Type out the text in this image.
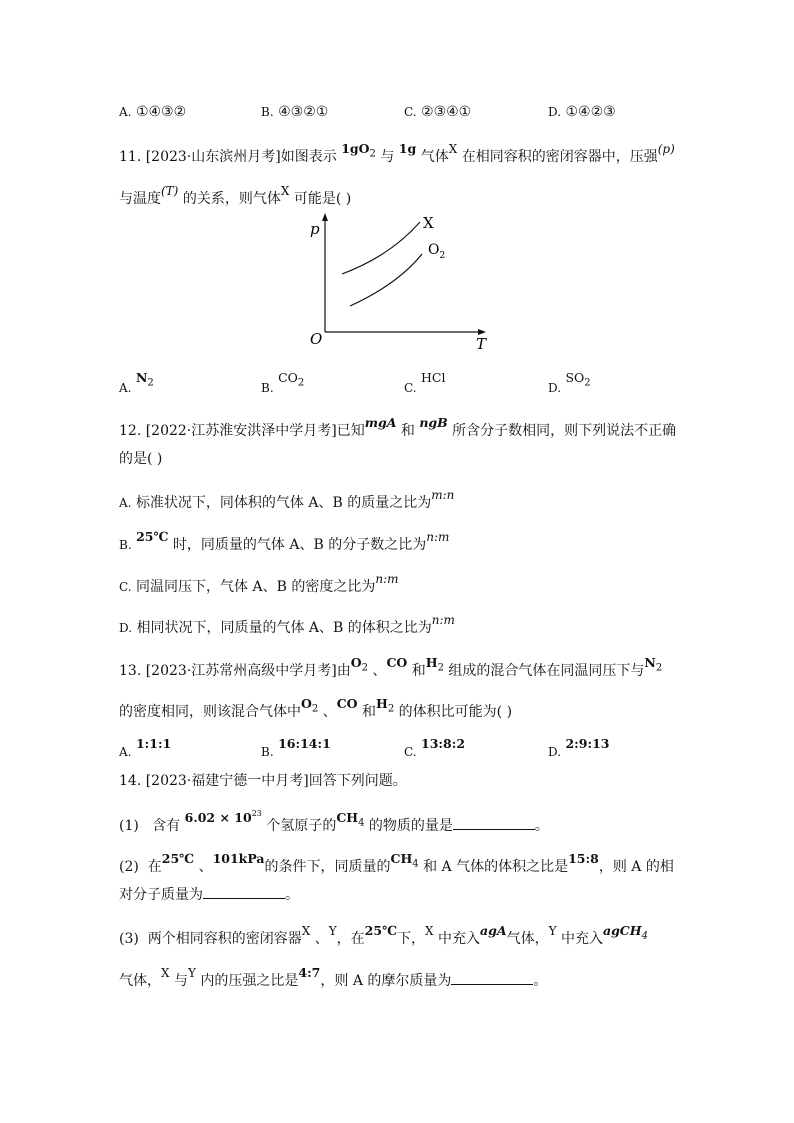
A. ①④③②	B. ④③②①	C. ②③④①	D. ①④②③
11. [2023·山东滨州月考]如图表示 $1gO_2$ 与 1g 气体X 在相同容积的密闭容器中，压强(p)
与温度(T) 的关系，则气体X 可能是( )
p
T
O
X
$O_2$
A. $N_2$	B. $CO_2$	C. HCl
D. $SO_2$
12. [2022·江苏淮安洪泽中学月考]已知mgA 和 ngB 所含分子数相同，则下列说法不正确
的是( )
A. 标准状况下，同体积的气体 A、B 的质量之比为m:n
B. 25℃ 时，同质量的气体 A、B 的分子数之比为n:m
C. 同温同压下，气体 A、B 的密度之比为n:m
D. 相同状况下，同质量的气体 A、B 的体积之比为n:m
13. [2023·江苏常州高级中学月考]由$O_2$ 、CO 和$H_2$ 组成的混合气体在同温同压下与$N_2$
的密度相同，则该混合气体中$O_2$ 、CO 和$H_2$ 的体积比可能为( )
A. 1:1:1
B. 16:14:1
C. 13:8:2
D. 2:9:13
14. [2023·福建宁德一中月考]回答下列问题。
(1) 含有 $6.02 \times 10^{23}$ 个氢原子的$CH_4$ 的物质的量是	。
(2) 在25℃ 、101kPa的条件下，同质量的$CH_4$ 和 A 气体的体积之比是15:8，则 A 的相
对分子质量为	。
(3) 两个相同容积的密闭容器X 、Y，在25℃下，X 中充入agA气体，Y 中充入agCH$_4$
气体，X 与Y 内的压强之比是4:7，则 A 的摩尔质量为	。
